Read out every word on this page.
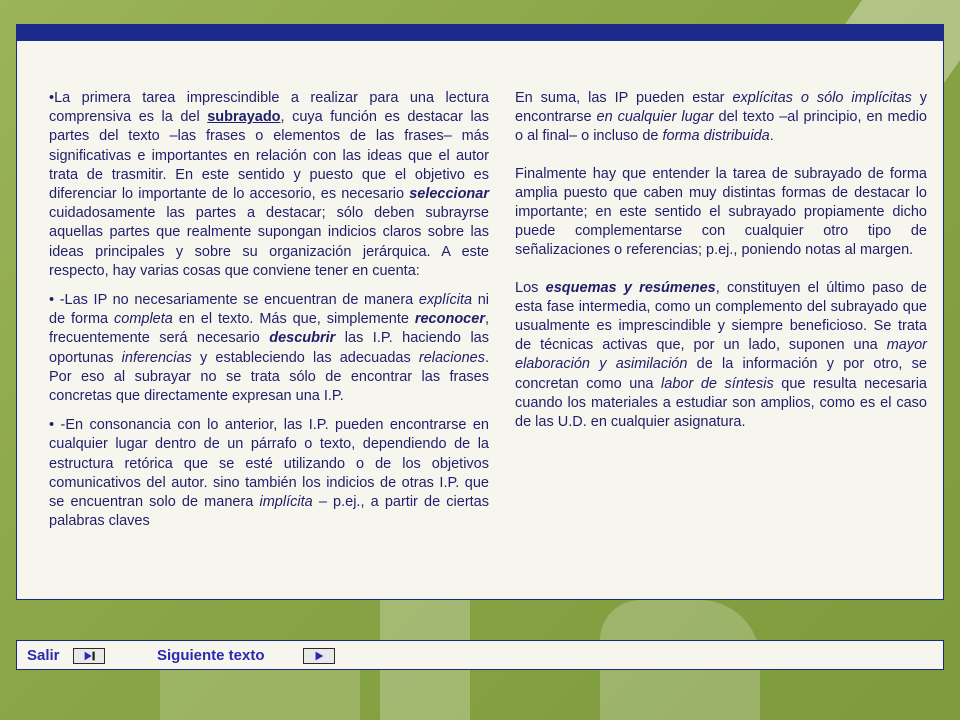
•La primera tarea imprescindible a realizar para una lectura comprensiva es la del subrayado, cuya función es destacar las partes del texto –las frases o elementos de las frases– más significativas e importantes en relación con las ideas que el autor trata de trasmitir. En este sentido y puesto que el objetivo es diferenciar lo importante de lo accesorio, es necesario seleccionar cuidadosamente las partes a destacar; sólo deben subrayrse aquellas partes que realmente supongan indicios claros sobre las ideas principales y sobre su organización jerárquica. A este respecto, hay varias cosas que conviene tener en cuenta:

• -Las IP no necesariamente se encuentran de manera explícita ni de forma completa en el texto. Más que, simplemente reconocer, frecuentemente será necesario descubrir las I.P. haciendo las oportunas inferencias y estableciendo las adecuadas relaciones. Por eso al subrayar no se trata sólo de encontrar las frases concretas que directamente expresan una I.P.

• -En consonancia con lo anterior, las I.P. pueden encontrarse en cualquier lugar dentro de un párrafo o texto, dependiendo de la estructura retórica que se esté utilizando o de los objetivos comunicativos del autor. sino también los indicios de otras I.P. que se encuentran solo de manera implícita – p.ej., a partir de ciertas palabras claves

En suma, las IP pueden estar explícitas o sólo implícitas y encontrarse en cualquier lugar del texto –al principio, en medio o al final– o incluso de forma distribuida.

Finalmente hay que entender la tarea de subrayado de forma amplia puesto que caben muy distintas formas de destacar lo importante; en este sentido el subrayado propiamente dicho puede complementarse con cualquier otro tipo de señalizaciones o referencias; p.ej., poniendo notas al margen.

Los esquemas y resúmenes, constituyen el último paso de esta fase intermedia, como un complemento del subrayado que usualmente es imprescindible y siempre beneficioso. Se trata de técnicas activas que, por un lado, suponen una mayor elaboración y asimilación de la información y por otro, se concretan como una labor de síntesis que resulta necesaria cuando los materiales a estudiar son amplios, como es el caso de las U.D. en cualquier asignatura.

Salir	Siguiente texto
